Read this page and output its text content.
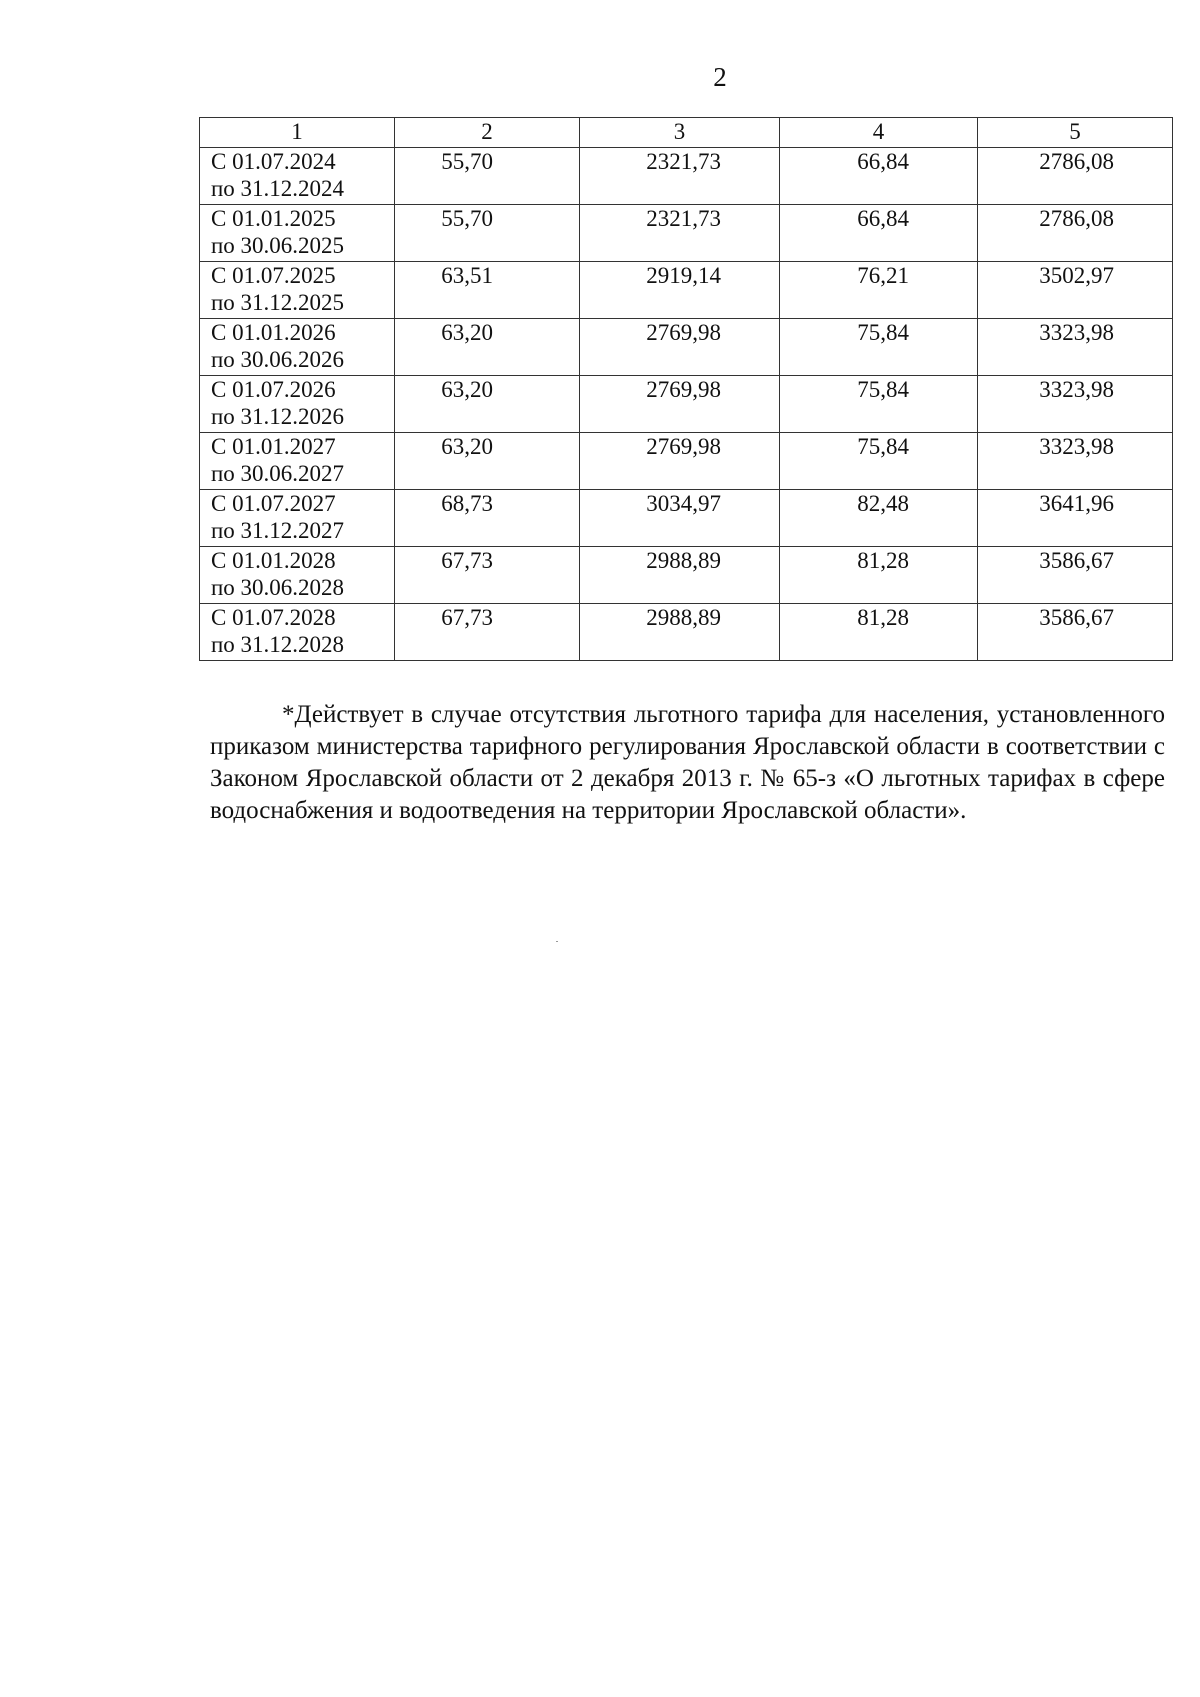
2
1	2	3	4	5

С 01.07.2024
по 31.12.2024	55,70	2321,73	66,84	2786,08

С 01.01.2025
по 30.06.2025	55,70	2321,73	66,84	2786,08

С 01.07.2025
по 31.12.2025	63,51	2919,14	76,21	3502,97

С 01.01.2026
по 30.06.2026	63,20	2769,98	75,84	3323,98

С 01.07.2026
по 31.12.2026	63,20	2769,98	75,84	3323,98

С 01.01.2027
по 30.06.2027	63,20	2769,98	75,84	3323,98

С 01.07.2027
по 31.12.2027	68,73	3034,97	82,48	3641,96

С 01.01.2028
по 30.06.2028	67,73	2988,89	81,28	3586,67

С 01.07.2028
по 31.12.2028	67,73	2988,89	81,28	3586,67

*Действует в случае отсутствия льготного тарифа для населения, установленного приказом министерства тарифного регулирования Ярославской области в соответствии с Законом Ярославской области от 2 декабря 2013 г. № 65-з «О льготных тарифах в сфере водоснабжения и водоотведения на территории Ярославской области».
